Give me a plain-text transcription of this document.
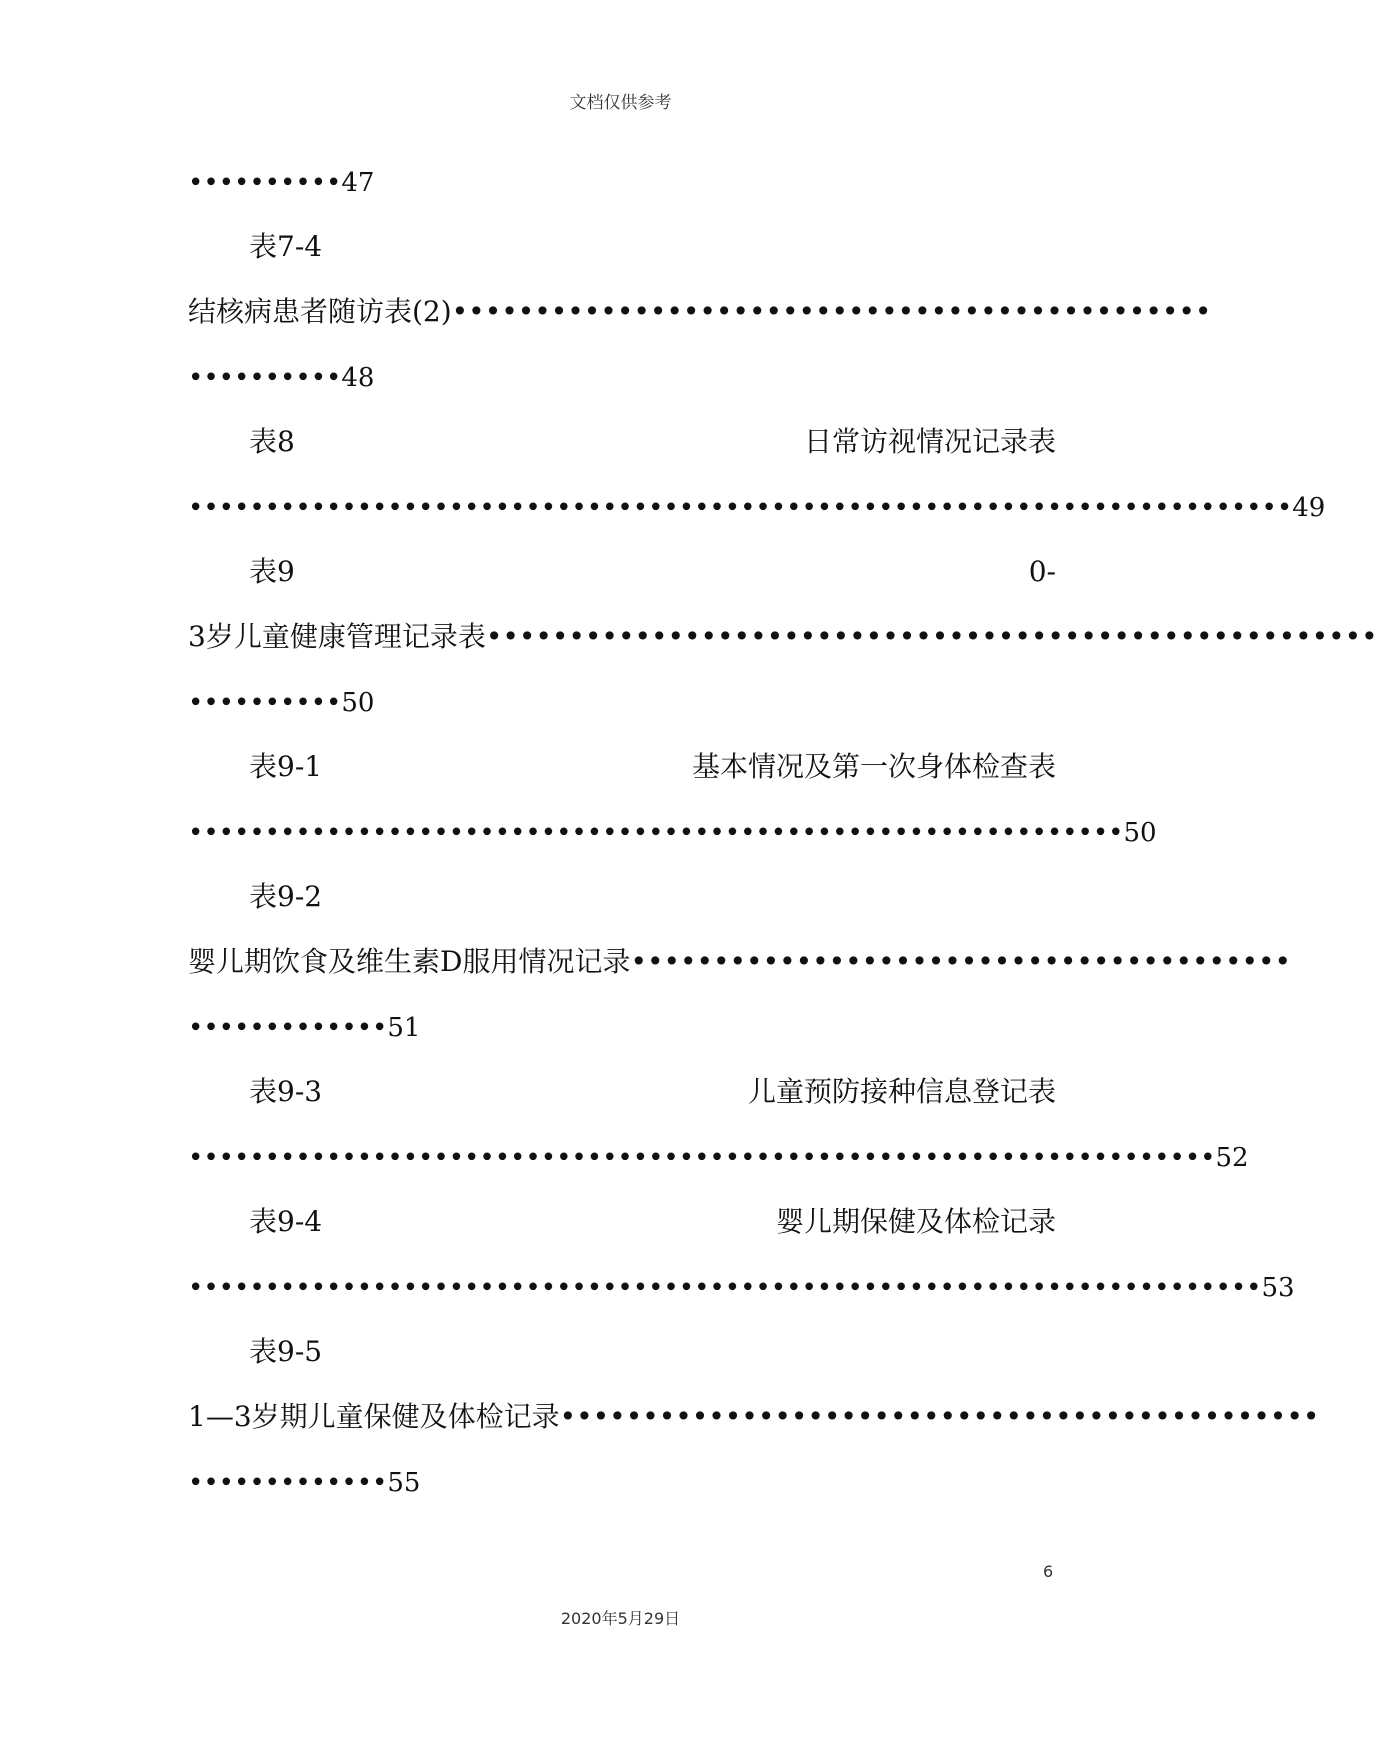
文档仅供参考
••••••••••47
表7-4
结核病患者随访表(2)••••••••••••••••••••••••••••••••••••••••••••••
••••••••••48
表8	日常访视情况记录表
••••••••••••••••••••••••••••••••••••••••••••••••••••••••••••••••••••••••49
表9	0-
3岁儿童健康管理记录表••••••••••••••••••••••••••••••••••••••••••••••••••••••
••••••••••50
表9-1	基本情况及第一次身体检查表
•••••••••••••••••••••••••••••••••••••••••••••••••••••••••••••50
表9-2
婴儿期饮食及维生素D服用情况记录••••••••••••••••••••••••••••••••••••••••
•••••••••••••51
表9-3	儿童预防接种信息登记表
•••••••••••••••••••••••••••••••••••••••••••••••••••••••••••••••••••52
表9-4	婴儿期保健及体检记录
••••••••••••••••••••••••••••••••••••••••••••••••••••••••••••••••••••••53
表9-5
1—3岁期儿童保健及体检记录••••••••••••••••••••••••••••••••••••••••••••••
•••••••••••••55
6
2020年5月29日
